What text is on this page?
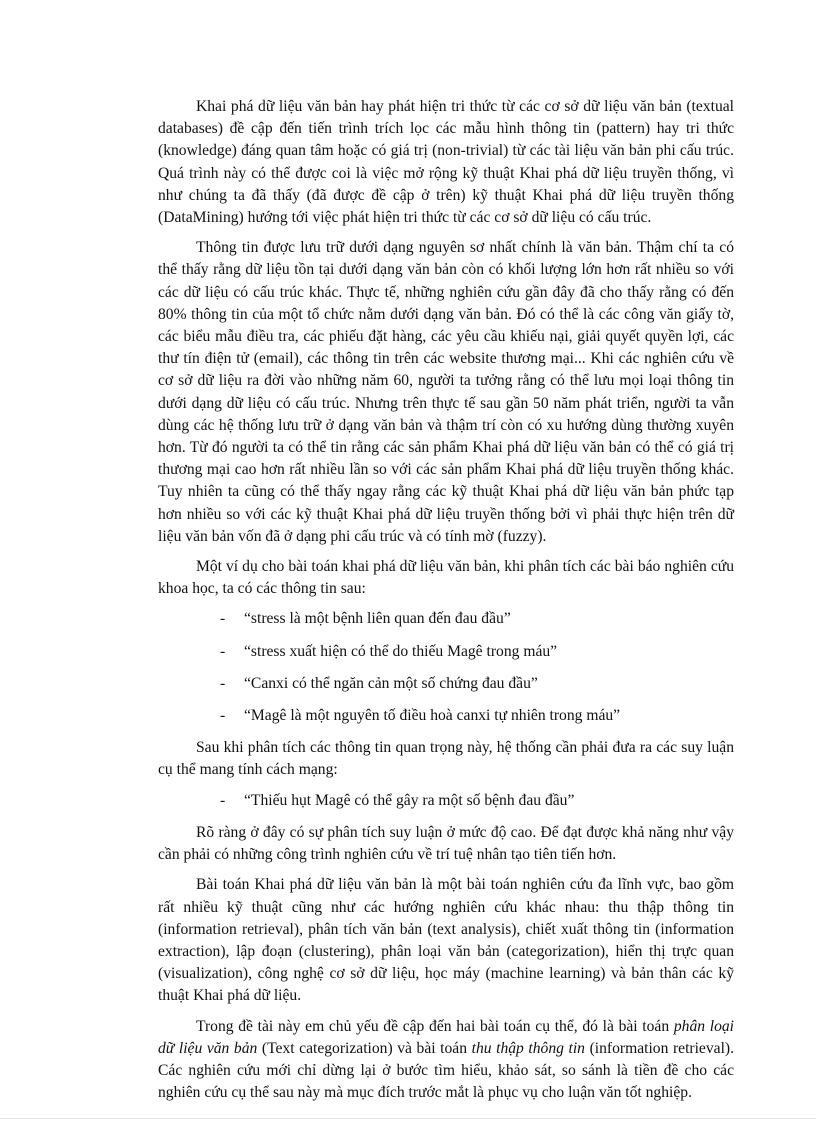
Khai phá dữ liệu văn bản hay phát hiện tri thức từ các cơ sở dữ liệu văn bản (textual databases) đề cập đến tiến trình trích lọc các mẫu hình thông tin (pattern) hay tri thức (knowledge) đáng quan tâm hoặc có giá trị (non-trivial) từ các tài liệu văn bản phi cấu trúc. Quá trình này có thể được coi là việc mở rộng kỹ thuật Khai phá dữ liệu truyền thống, vì như chúng ta đã thấy (đã được đề cập ở trên) kỹ thuật Khai phá dữ liệu truyền thống (DataMining) hướng tới việc phát hiện tri thức từ các cơ sở dữ liệu có cấu trúc.

Thông tin được lưu trữ dưới dạng nguyên sơ nhất chính là văn bản. Thậm chí ta có thể thấy rằng dữ liệu tồn tại dưới dạng văn bản còn có khối lượng lớn hơn rất nhiều so với các dữ liệu có cấu trúc khác. Thực tế, những nghiên cứu gần đây đã cho thấy rằng có đến 80% thông tin của một tổ chức nằm dưới dạng văn bản. Đó có thể là các công văn giấy tờ, các biểu mẫu điều tra, các phiếu đặt hàng, các yêu cầu khiếu nại, giải quyết quyền lợi, các thư tín điện tử (email), các thông tin trên các website thương mại... Khi các nghiên cứu về cơ sở dữ liệu ra đời vào những năm 60, người ta tưởng rằng có thể lưu mọi loại thông tin dưới dạng dữ liệu có cấu trúc. Nhưng trên thực tế sau gần 50 năm phát triển, người ta vẫn dùng các hệ thống lưu trữ ở dạng văn bản và thậm trí còn có xu hướng dùng thường xuyên hơn. Từ đó người ta có thể tin rằng các sản phẩm Khai phá dữ liệu văn bản có thể có giá trị thương mại cao hơn rất nhiều lần so với các sản phẩm Khai phá dữ liệu truyền thống khác. Tuy nhiên ta cũng có thể thấy ngay rằng các kỹ thuật Khai phá dữ liệu văn bản phức tạp hơn nhiều so với các kỹ thuật Khai phá dữ liệu truyền thống bởi vì phải thực hiện trên dữ liệu văn bản vốn đã ở dạng phi cấu trúc và có tính mờ (fuzzy).

Một ví dụ cho bài toán khai phá dữ liệu văn bản, khi phân tích các bài báo nghiên cứu khoa học, ta có các thông tin sau:

- “stress là một bệnh liên quan đến đau đầu”
- “stress xuất hiện có thể do thiếu Magê trong máu”
- “Canxi có thể ngăn cản một số chứng đau đầu”
- “Magê là một nguyên tố điều hoà canxi tự nhiên trong máu”

Sau khi phân tích các thông tin quan trọng này, hệ thống cần phải đưa ra các suy luận cụ thể mang tính cách mạng:

- “Thiếu hụt Magê có thể gây ra một số bệnh đau đầu”

Rõ ràng ở đây có sự phân tích suy luận ở mức độ cao. Để đạt được khả năng như vậy cần phải có những công trình nghiên cứu về trí tuệ nhân tạo tiên tiến hơn.

Bài toán Khai phá dữ liệu văn bản là một bài toán nghiên cứu đa lĩnh vực, bao gồm rất nhiều kỹ thuật cũng như các hướng nghiên cứu khác nhau: thu thập thông tin (information retrieval), phân tích văn bản (text analysis), chiết xuất thông tin (information extraction), lập đoạn (clustering), phân loại văn bản (categorization), hiển thị trực quan (visualization), công nghệ cơ sở dữ liệu, học máy (machine learning) và bản thân các kỹ thuật Khai phá dữ liệu.

Trong đề tài này em chủ yếu đề cập đến hai bài toán cụ thể, đó là bài toán phân loại dữ liệu văn bản (Text categorization) và bài toán thu thập thông tin (information retrieval). Các nghiên cứu mới chỉ dừng lại ở bước tìm hiểu, khảo sát, so sánh là tiền đề cho các nghiên cứu cụ thể sau này mà mục đích trước mắt là phục vụ cho luận văn tốt nghiệp.
